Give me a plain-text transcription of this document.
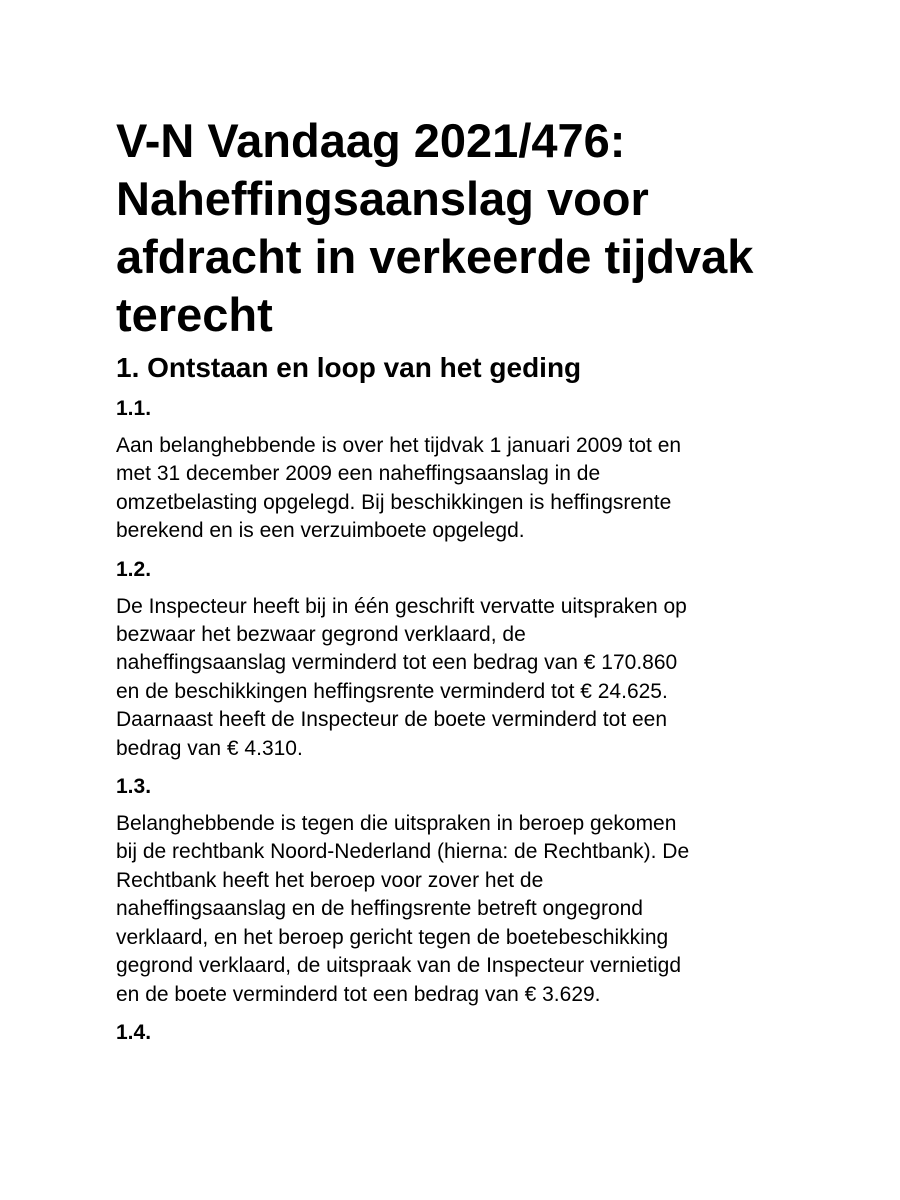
V-N Vandaag 2021/476: Naheffingsaanslag voor afdracht in verkeerde tijdvak terecht
1. Ontstaan en loop van het geding
1.1.

Aan belanghebbende is over het tijdvak 1 januari 2009 tot en
met 31 december 2009 een naheffingsaanslag in de
omzetbelasting opgelegd. Bij beschikkingen is heffingsrente
berekend en is een verzuimboete opgelegd.

1.2.

De Inspecteur heeft bij in één geschrift vervatte uitspraken op
bezwaar het bezwaar gegrond verklaard, de
naheffingsaanslag verminderd tot een bedrag van € 170.860
en de beschikkingen heffingsrente verminderd tot € 24.625.
Daarnaast heeft de Inspecteur de boete verminderd tot een
bedrag van € 4.310.

1.3.

Belanghebbende is tegen die uitspraken in beroep gekomen
bij de rechtbank Noord-Nederland (hierna: de Rechtbank). De
Rechtbank heeft het beroep voor zover het de
naheffingsaanslag en de heffingsrente betreft ongegrond
verklaard, en het beroep gericht tegen de boetebeschikking
gegrond verklaard, de uitspraak van de Inspecteur vernietigd
en de boete verminderd tot een bedrag van € 3.629.

1.4.
